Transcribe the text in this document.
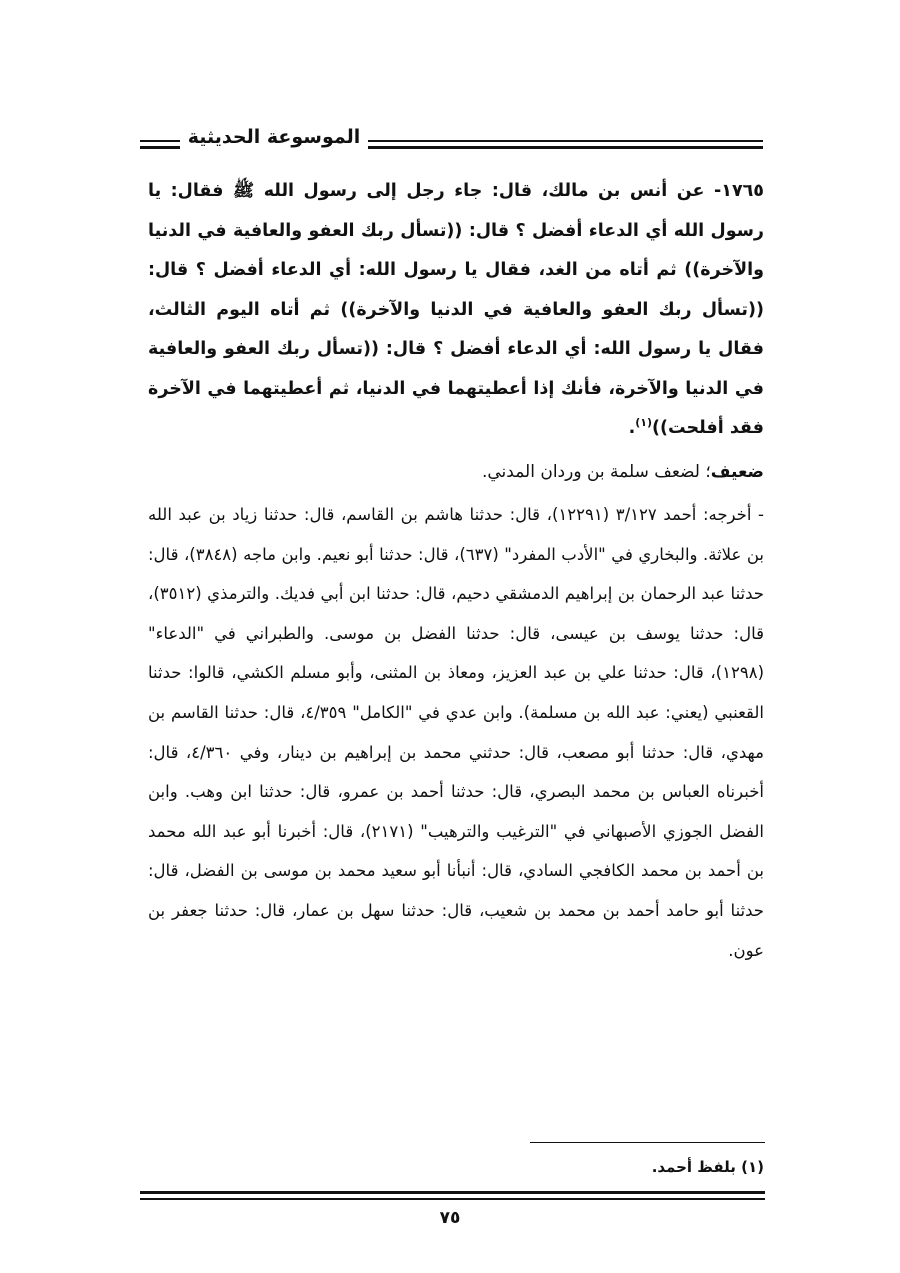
الموسوعة الحديثية
١٧٦٥- عن أنس بن مالك، قال: جاء رجل إلى رسول الله ﷺ فقال: يا رسول الله أي الدعاء أفضل ؟ قال: ((تسأل ربك العفو والعافية في الدنيا والآخرة)) ثم أتاه من الغد، فقال يا رسول الله: أي الدعاء أفضل ؟ قال: ((تسأل ربك العفو والعافية في الدنيا والآخرة)) ثم أتاه اليوم الثالث، فقال يا رسول الله: أي الدعاء أفضل ؟ قال: ((تسأل ربك العفو والعافية في الدنيا والآخرة، فأنك إذا أعطيتهما في الدنيا، ثم أعطيتهما في الآخرة فقد أفلحت))$^{(١)}$.
ضعيف؛ لضعف سلمة بن وردان المدني.
- أخرجه: أحمد ٣/١٢٧ (١٢٢٩١)، قال: حدثنا هاشم بن القاسم، قال: حدثنا زياد بن عبد الله بن علاثة. والبخاري في "الأدب المفرد" (٦٣٧)، قال: حدثنا أبو نعيم. وابن ماجه (٣٨٤٨)، قال: حدثنا عبد الرحمان بن إبراهيم الدمشقي دحيم، قال: حدثنا ابن أبي فديك. والترمذي (٣٥١٢)، قال: حدثنا يوسف بن عيسى، قال: حدثنا الفضل بن موسى. والطبراني في "الدعاء" (١٢٩٨)، قال: حدثنا علي بن عبد العزيز، ومعاذ بن المثنى، وأبو مسلم الكشي، قالوا: حدثنا القعنبي (يعني: عبد الله بن مسلمة). وابن عدي في "الكامل" ٤/٣٥٩، قال: حدثنا القاسم بن مهدي، قال: حدثنا أبو مصعب، قال: حدثني محمد بن إبراهيم بن دينار، وفي ٤/٣٦٠، قال: أخبرناه العباس بن محمد البصري، قال: حدثنا أحمد بن عمرو، قال: حدثنا ابن وهب. وابن الفضل الجوزي الأصبهاني في "الترغيب والترهيب" (٢١٧١)، قال: أخبرنا أبو عبد الله محمد بن أحمد بن محمد الكافجي السادي، قال: أنبأنا أبو سعيد محمد بن موسى بن الفضل، قال: حدثنا أبو حامد أحمد بن محمد بن شعيب، قال: حدثنا سهل بن عمار، قال: حدثنا جعفر بن عون.
(١) بلفظ أحمد.
٧٥
